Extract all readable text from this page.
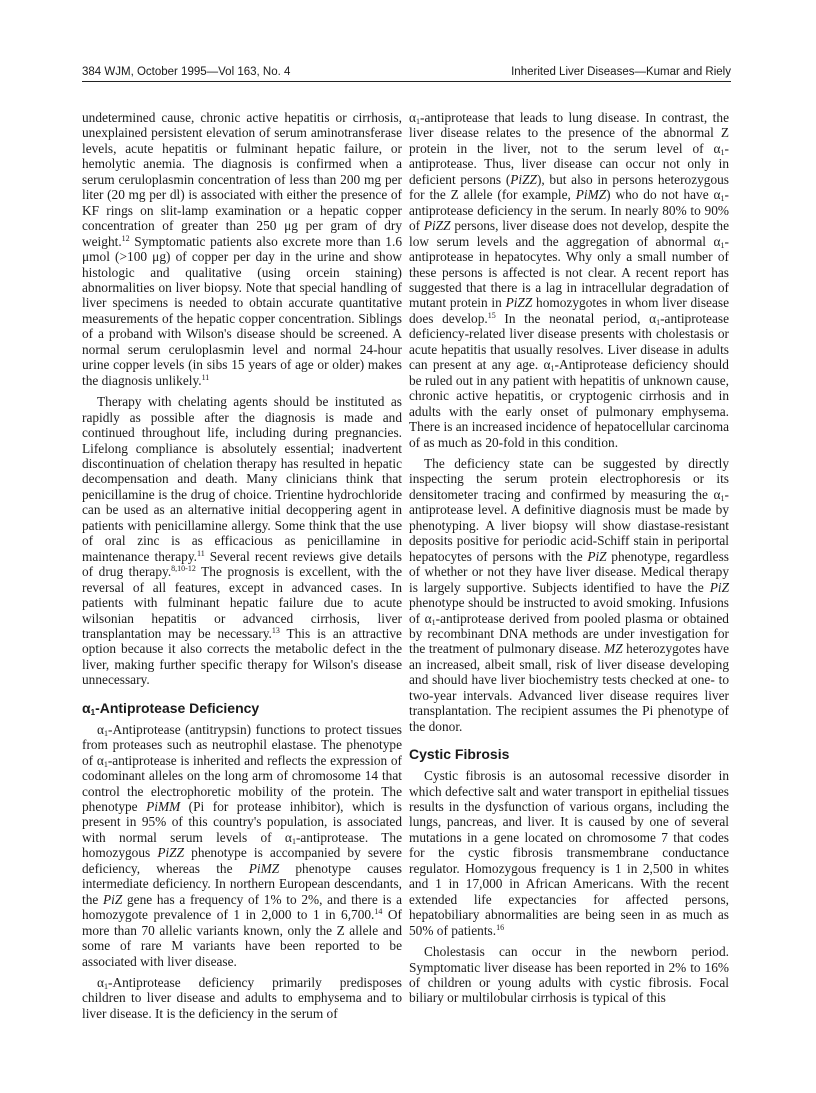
384 WJM, October 1995—Vol 163, No. 4	Inherited Liver Diseases—Kumar and Riely

undetermined cause, chronic active hepatitis or cirrhosis, unexplained persistent elevation of serum aminotransferase levels, acute hepatitis or fulminant hepatic failure, or hemolytic anemia. The diagnosis is confirmed when a serum ceruloplasmin concentration of less than 200 mg per liter (20 mg per dl) is associated with either the presence of KF rings on slit-lamp examination or a hepatic copper concentration of greater than 250 μg per gram of dry weight.$^{12}$ Symptomatic patients also excrete more than 1.6 μmol (>100 μg) of copper per day in the urine and show histologic and qualitative (using orcein staining) abnormalities on liver biopsy. Note that special handling of liver specimens is needed to obtain accurate quantitative measurements of the hepatic copper concentration. Siblings of a proband with Wilson's disease should be screened. A normal serum ceruloplasmin level and normal 24-hour urine copper levels (in sibs 15 years of age or older) makes the diagnosis unlikely.$^{11}$

Therapy with chelating agents should be instituted as rapidly as possible after the diagnosis is made and continued throughout life, including during pregnancies. Lifelong compliance is absolutely essential; inadvertent discontinuation of chelation therapy has resulted in hepatic decompensation and death. Many clinicians think that penicillamine is the drug of choice. Trientine hydrochloride can be used as an alternative initial decoppering agent in patients with penicillamine allergy. Some think that the use of oral zinc is as efficacious as penicillamine in maintenance therapy.$^{11}$ Several recent reviews give details of drug therapy.$^{8,10-12}$ The prognosis is excellent, with the reversal of all features, except in advanced cases. In patients with fulminant hepatic failure due to acute wilsonian hepatitis or advanced cirrhosis, liver transplantation may be necessary.$^{13}$ This is an attractive option because it also corrects the metabolic defect in the liver, making further specific therapy for Wilson's disease unnecessary.

$\alpha_1$-Antiprotease Deficiency

$\alpha_1$-Antiprotease (antitrypsin) functions to protect tissues from proteases such as neutrophil elastase. The phenotype of $\alpha_1$-antiprotease is inherited and reflects the expression of codominant alleles on the long arm of chromosome 14 that control the electrophoretic mobility of the protein. The phenotype PiMM (Pi for protease inhibitor), which is present in 95% of this country's population, is associated with normal serum levels of $\alpha_1$-antiprotease. The homozygous PiZZ phenotype is accompanied by severe deficiency, whereas the PiMZ phenotype causes intermediate deficiency. In northern European descendants, the PiZ gene has a frequency of 1% to 2%, and there is a homozygote prevalence of 1 in 2,000 to 1 in 6,700.14 Of more than 70 allelic variants known, only the Z allele and some of rare M variants have been reported to be associated with liver disease.

$\alpha_1$-Antiprotease deficiency primarily predisposes children to liver disease and adults to emphysema and to liver disease. It is the deficiency in the serum of

$\alpha_1$-antiprotease that leads to lung disease. In contrast, the liver disease relates to the presence of the abnormal Z protein in the liver, not to the serum level of $\alpha_1$-antiprotease. Thus, liver disease can occur not only in deficient persons (PiZZ), but also in persons heterozygous for the Z allele (for example, PiMZ) who do not have $\alpha_1$-antiprotease deficiency in the serum. In nearly 80% to 90% of PiZZ persons, liver disease does not develop, despite the low serum levels and the aggregation of abnormal $\alpha_1$-antiprotease in hepatocytes. Why only a small number of these persons is affected is not clear. A recent report has suggested that there is a lag in intracellular degradation of mutant protein in PiZZ homozygotes in whom liver disease does develop.$^{15}$ In the neonatal period, $\alpha_1$-antiprotease deficiency-related liver disease presents with cholestasis or acute hepatitis that usually resolves. Liver disease in adults can present at any age. $\alpha_1$-Antiprotease deficiency should be ruled out in any patient with hepatitis of unknown cause, chronic active hepatitis, or cryptogenic cirrhosis and in adults with the early onset of pulmonary emphysema. There is an increased incidence of hepatocellular carcinoma of as much as 20-fold in this condition.

The deficiency state can be suggested by directly inspecting the serum protein electrophoresis or its densitometer tracing and confirmed by measuring the $\alpha_1$-antiprotease level. A definitive diagnosis must be made by phenotyping. A liver biopsy will show diastase-resistant deposits positive for periodic acid-Schiff stain in periportal hepatocytes of persons with the PiZ phenotype, regardless of whether or not they have liver disease. Medical therapy is largely supportive. Subjects identified to have the PiZ phenotype should be instructed to avoid smoking. Infusions of $\alpha_1$-antiprotease derived from pooled plasma or obtained by recombinant DNA methods are under investigation for the treatment of pulmonary disease. MZ heterozygotes have an increased, albeit small, risk of liver disease developing and should have liver biochemistry tests checked at one- to two-year intervals. Advanced liver disease requires liver transplantation. The recipient assumes the Pi phenotype of the donor.

Cystic Fibrosis

Cystic fibrosis is an autosomal recessive disorder in which defective salt and water transport in epithelial tissues results in the dysfunction of various organs, including the lungs, pancreas, and liver. It is caused by one of several mutations in a gene located on chromosome 7 that codes for the cystic fibrosis transmembrane conductance regulator. Homozygous frequency is 1 in 2,500 in whites and 1 in 17,000 in African Americans. With the recent extended life expectancies for affected persons, hepatobiliary abnormalities are being seen in as much as 50% of patients.$^{16}$

Cholestasis can occur in the newborn period. Symptomatic liver disease has been reported in 2% to 16% of children or young adults with cystic fibrosis. Focal biliary or multilobular cirrhosis is typical of this
